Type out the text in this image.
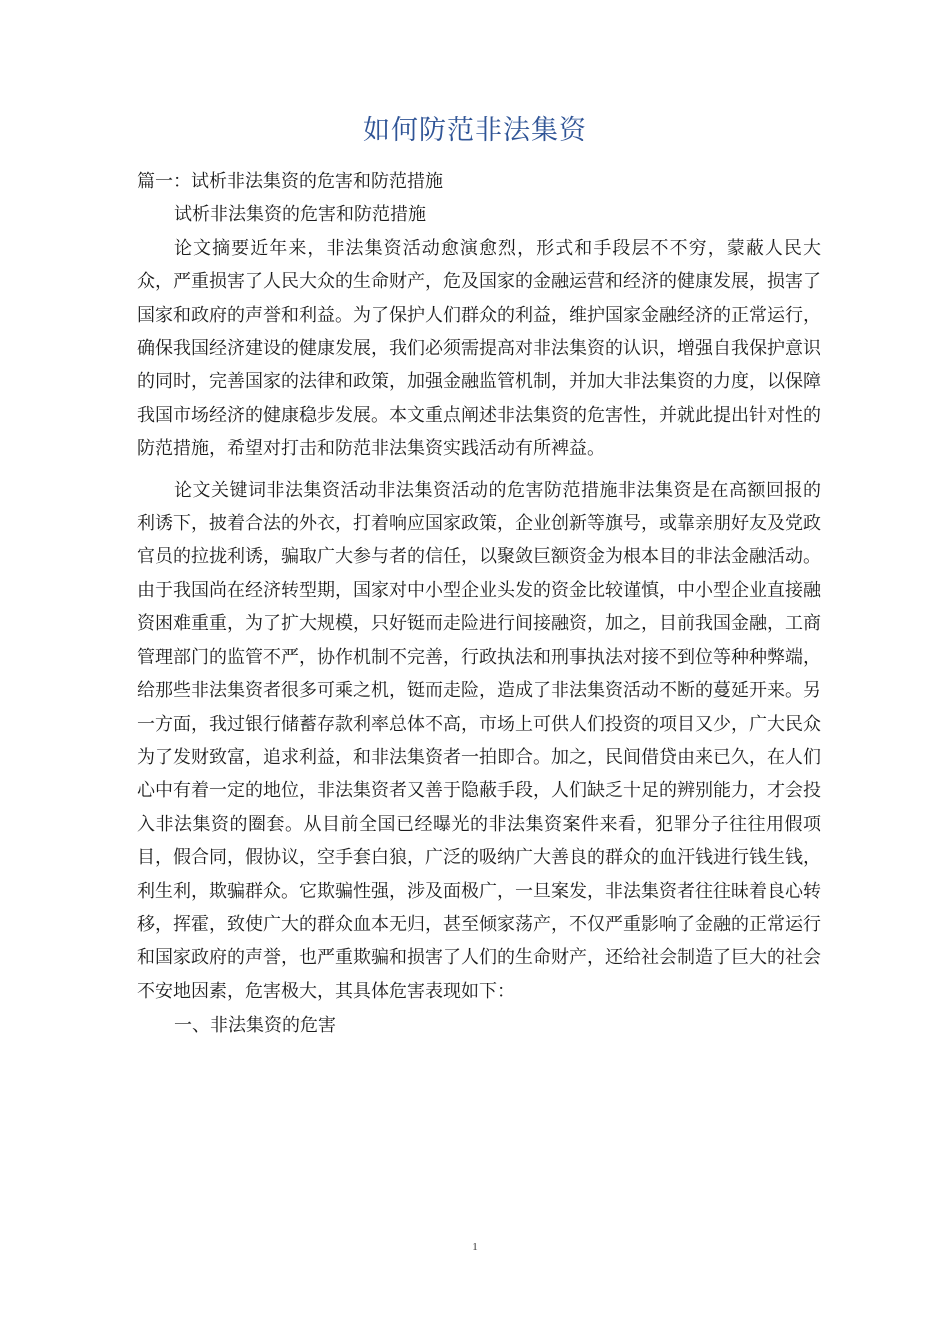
如何防范非法集资

篇一：试析非法集资的危害和防范措施

试析非法集资的危害和防范措施

论文摘要近年来，非法集资活动愈演愈烈，形式和手段层不不穷，蒙蔽人民大众，严重损害了人民大众的生命财产，危及国家的金融运营和经济的健康发展，损害了国家和政府的声誉和利益。为了保护人们群众的利益，维护国家金融经济的正常运行，确保我国经济建设的健康发展，我们必须需提高对非法集资的认识，增强自我保护意识的同时，完善国家的法律和政策，加强金融监管机制，并加大非法集资的力度，以保障我国市场经济的健康稳步发展。本文重点阐述非法集资的危害性，并就此提出针对性的防范措施，希望对打击和防范非法集资实践活动有所裨益。

论文关键词非法集资活动非法集资活动的危害防范措施非法集资是在高额回报的利诱下，披着合法的外衣，打着响应国家政策，企业创新等旗号，或靠亲朋好友及党政官员的拉拢利诱，骗取广大参与者的信任，以聚敛巨额资金为根本目的非法金融活动。由于我国尚在经济转型期，国家对中小型企业头发的资金比较谨慎，中小型企业直接融资困难重重，为了扩大规模，只好铤而走险进行间接融资，加之，目前我国金融，工商管理部门的监管不严，协作机制不完善，行政执法和刑事执法对接不到位等种种弊端，给那些非法集资者很多可乘之机，铤而走险，造成了非法集资活动不断的蔓延开来。另一方面，我过银行储蓄存款利率总体不高，市场上可供人们投资的项目又少，广大民众为了发财致富，追求利益，和非法集资者一拍即合。加之，民间借贷由来已久，在人们心中有着一定的地位，非法集资者又善于隐蔽手段，人们缺乏十足的辨别能力，才会投入非法集资的圈套。从目前全国已经曝光的非法集资案件来看，犯罪分子往往用假项目，假合同，假协议，空手套白狼，广泛的吸纳广大善良的群众的血汗钱进行钱生钱，利生利，欺骗群众。它欺骗性强，涉及面极广，一旦案发，非法集资者往往昧着良心转移，挥霍，致使广大的群众血本无归，甚至倾家荡产，不仅严重影响了金融的正常运行和国家政府的声誉，也严重欺骗和损害了人们的生命财产，还给社会制造了巨大的社会不安地因素，危害极大，其具体危害表现如下：

一、非法集资的危害

1
